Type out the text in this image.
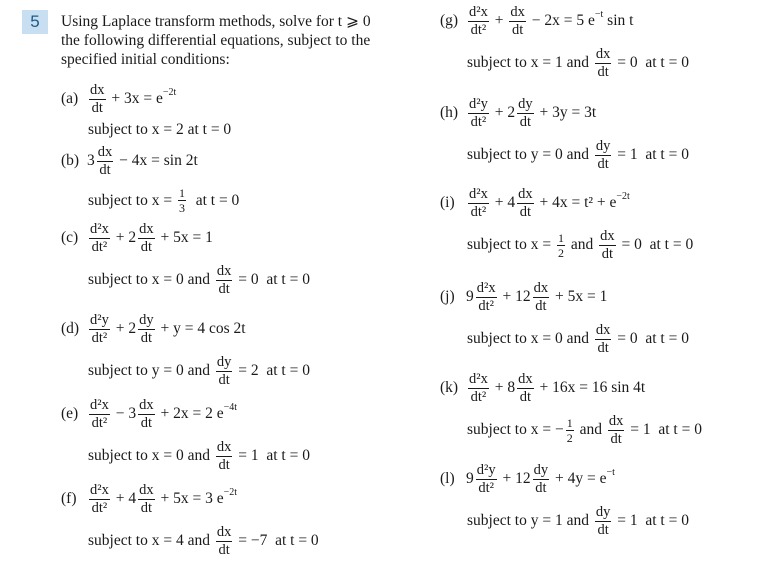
5	Using Laplace transform methods, solve for t ⩾ 0 the following differential equations, subject to the specified initial conditions:
$(a) \frac{dx}{dt} + 3x = e -2t$
subject to x = 2 at t = 0
(b) $3 \frac{dx}{dt} - 4x = \sin 2t$
subject to $x = \frac{1}{3}$ at t = 0
$(c) \frac{\text{d²x}}{\text{dt²}} + 2 \frac{dx}{dt} + 5x = 1$
subject to x = 0 and $\frac{dx}{dt} = 0$  at t = 0
$(d) \frac{\text{d²y}}{\text{dt²}} + 2 \frac{dy}{dt} + y = 4$ cos 2t
subject to y = 0 and $\frac{dy}{dt} = 2$  at t = 0
$(e) \frac{\text{d²x}}{\text{dt²}} - 3 \frac{dx}{dt} + 2x = 2$ e −4t
subject to x = 0 and $\frac{dx}{dt} = 1$  at t = 0
$(f) \frac{\text{d²x}}{\text{dt²}} + 4 \frac{dx}{dt} + 5x = 3$ e −2t
subject to x = 4 and $\frac{dx}{dt} = -7$  at t = 0
$(g) \frac{\text{d²x}}{\text{dt²}} + \frac{dx}{dt} - 2x = 5$ e −t sin t
subject to x = 1 and $\frac{dx}{dt} = 0$  at t = 0
$(h) \frac{\text{d²y}}{\text{dt²}} + 2 \frac{dy}{dt} + 3y = 3t$
subject to y = 0 and $\frac{dy}{dt} = 1$  at t = 0
$(i) \frac{\text{d²x}}{\text{dt²}} + 4 \frac{dx}{dt} + 4x = t^2 + e -2t$
subject to $x = \frac{1}{2}$ and $\frac{dx}{dt} = 0$  at t = 0
(j) $9 \frac{\text{d²x}}{\text{dt²}} + 12 \frac{dx}{dt} + 5x = 1$
subject to x = 0 and $\frac{dx}{dt} = 0$  at t = 0
$(k) \frac{\text{d²x}}{\text{dt²}} + 8 \frac{dx}{dt} + 16x = 16$ sin 4t
subject to x = − $\frac{1}{2}$ and $\frac{dx}{dt} = 1$  at t = 0
(l) $9 \frac{\text{d²y}}{\text{dt²}} + 12 \frac{dy}{dt} + 4y = e -t$
subject to y = 1 and $\frac{dy}{dt} = 1$  at t = 0
